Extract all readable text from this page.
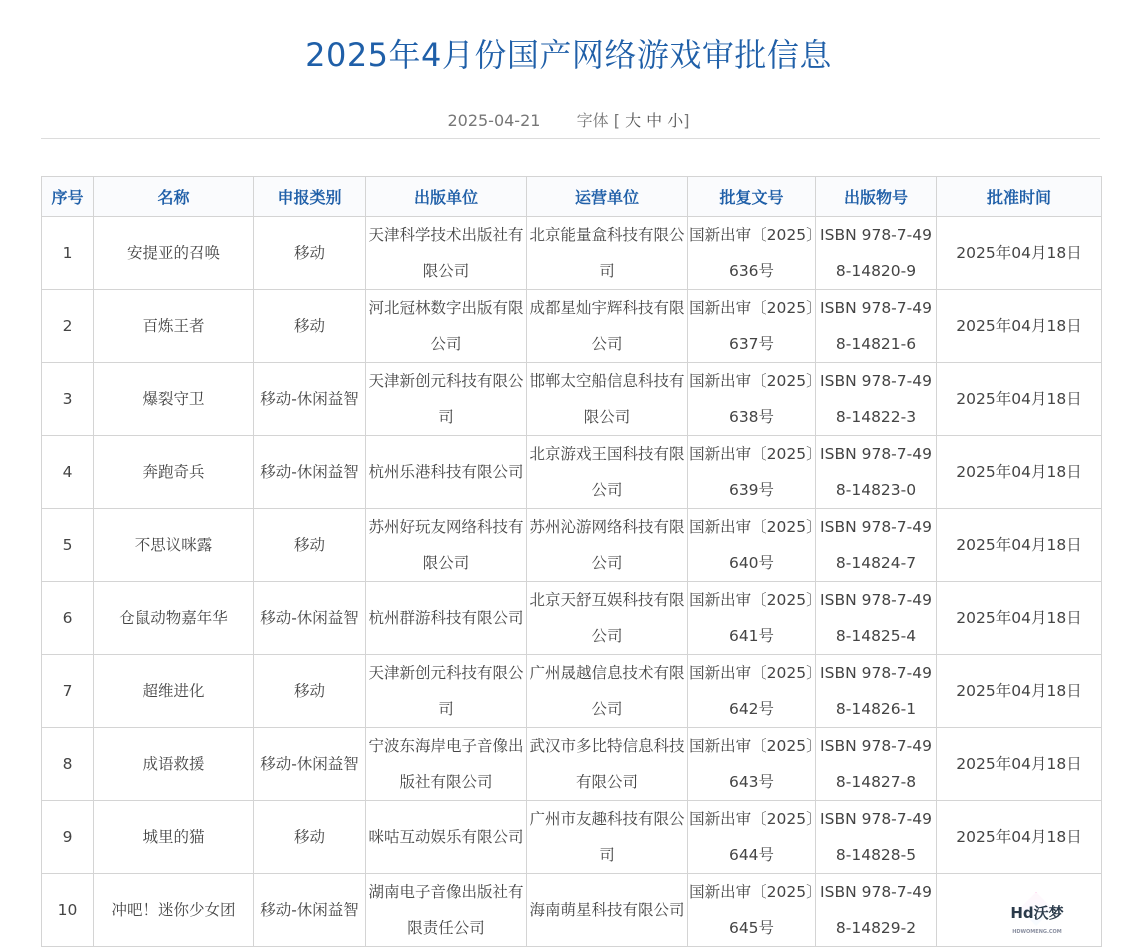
2025年4月份国产网络游戏审批信息
2025-04-21 字体 [ 大 中 小]
序号	名称	申报类别	出版单位	运营单位	批复文号	出版物号	批准时间
1	安提亚的召唤	移动	天津科学技术出版社有限公司	北京能量盒科技有限公司	国新出审〔2025〕636号	ISBN 978-7-498-14820-9	2025年04月18日
2	百炼王者	移动	河北冠林数字出版有限公司	成都星灿宇辉科技有限公司	国新出审〔2025〕637号	ISBN 978-7-498-14821-6	2025年04月18日
3	爆裂守卫	移动-休闲益智	天津新创元科技有限公司	邯郸太空船信息科技有限公司	国新出审〔2025〕638号	ISBN 978-7-498-14822-3	2025年04月18日
4	奔跑奇兵	移动-休闲益智	杭州乐港科技有限公司	北京游戏王国科技有限公司	国新出审〔2025〕639号	ISBN 978-7-498-14823-0	2025年04月18日
5	不思议咪露	移动	苏州好玩友网络科技有限公司	苏州沁游网络科技有限公司	国新出审〔2025〕640号	ISBN 978-7-498-14824-7	2025年04月18日
6	仓鼠动物嘉年华	移动-休闲益智	杭州群游科技有限公司	北京天舒互娱科技有限公司	国新出审〔2025〕641号	ISBN 978-7-498-14825-4	2025年04月18日
7	超维进化	移动	天津新创元科技有限公司	广州晟越信息技术有限公司	国新出审〔2025〕642号	ISBN 978-7-498-14826-1	2025年04月18日
8	成语救援	移动-休闲益智	宁波东海岸电子音像出版社有限公司	武汉市多比特信息科技有限公司	国新出审〔2025〕643号	ISBN 978-7-498-14827-8	2025年04月18日
9	城里的猫	移动	咪咕互动娱乐有限公司	广州市友趣科技有限公司	国新出审〔2025〕644号	ISBN 978-7-498-14828-5	2025年04月18日
10	冲吧！迷你少女团	移动-休闲益智	湖南电子音像出版社有限责任公司	海南萌星科技有限公司	国新出审〔2025〕645号	ISBN 978-7-498-14829-2	
Hd沃梦
HDWOMENG.COM
